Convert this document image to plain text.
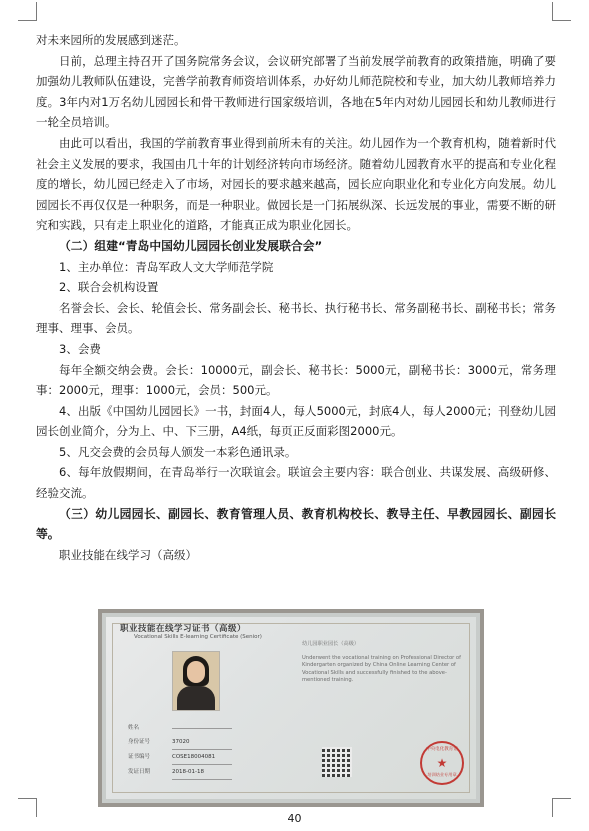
对未来园所的发展感到迷茫。

日前，总理主持召开了国务院常务会议，会议研究部署了当前发展学前教育的政策措施，明确了要加强幼儿教师队伍建设，完善学前教育师资培训体系，办好幼儿师范院校和专业，加大幼儿教师培养力度。3年内对1万名幼儿园园长和骨干教师进行国家级培训，各地在5年内对幼儿园园长和幼儿教师进行一轮全员培训。

由此可以看出，我国的学前教育事业得到前所未有的关注。幼儿园作为一个教育机构，随着新时代社会主义发展的要求，我国由几十年的计划经济转向市场经济。随着幼儿园教育水平的提高和专业化程度的增长，幼儿园已经走入了市场，对园长的要求越来越高，园长应向职业化和专业化方向发展。幼儿园园长不再仅仅是一种职务，而是一种职业。做园长是一门拓展纵深、长远发展的事业，需要不断的研究和实践，只有走上职业化的道路，才能真正成为职业化园长。

（二）组建“青岛中国幼儿园园长创业发展联合会”

1、主办单位：青岛军政人文大学师范学院

2、联合会机构设置

名誉会长、会长、轮值会长、常务副会长、秘书长、执行秘书长、常务副秘书长、副秘书长；常务理事、理事、会员。

3、会费

每年全额交纳会费。会长：10000元，副会长、秘书长：5000元，副秘书长：3000元，常务理事：2000元，理事：1000元，会员：500元。

4、出版《中国幼儿园园长》一书，封面4人，每人5000元，封底4人，每人2000元；刊登幼儿园园长创业简介，分为上、中、下三册，A4纸，每页正反面彩图2000元。

5、凡交会费的会员每人颁发一本彩色通讯录。

6、每年放假期间，在青岛举行一次联谊会。联谊会主要内容：联合创业、共谋发展、高级研修、经验交流。

（三）幼儿园园长、副园长、教育管理人员、教育机构校长、教导主任、早教园园长、副园长等。

职业技能在线学习（高级）

职业技能在线学习证书（高级）
Vocational Skills E-learning Certificate (Senior)
姓名
身份证号	37020
证书编号	COSE18004081
发证日期	2018-01-18
幼儿园职业园长（高级）
Underwent the vocational training on Professional Director of Kindergarten organized by China Online Learning Center of Vocational Skills and successfully finished to the above-mentioned training.
中央电化教育馆
★
培训结业专用章
40
